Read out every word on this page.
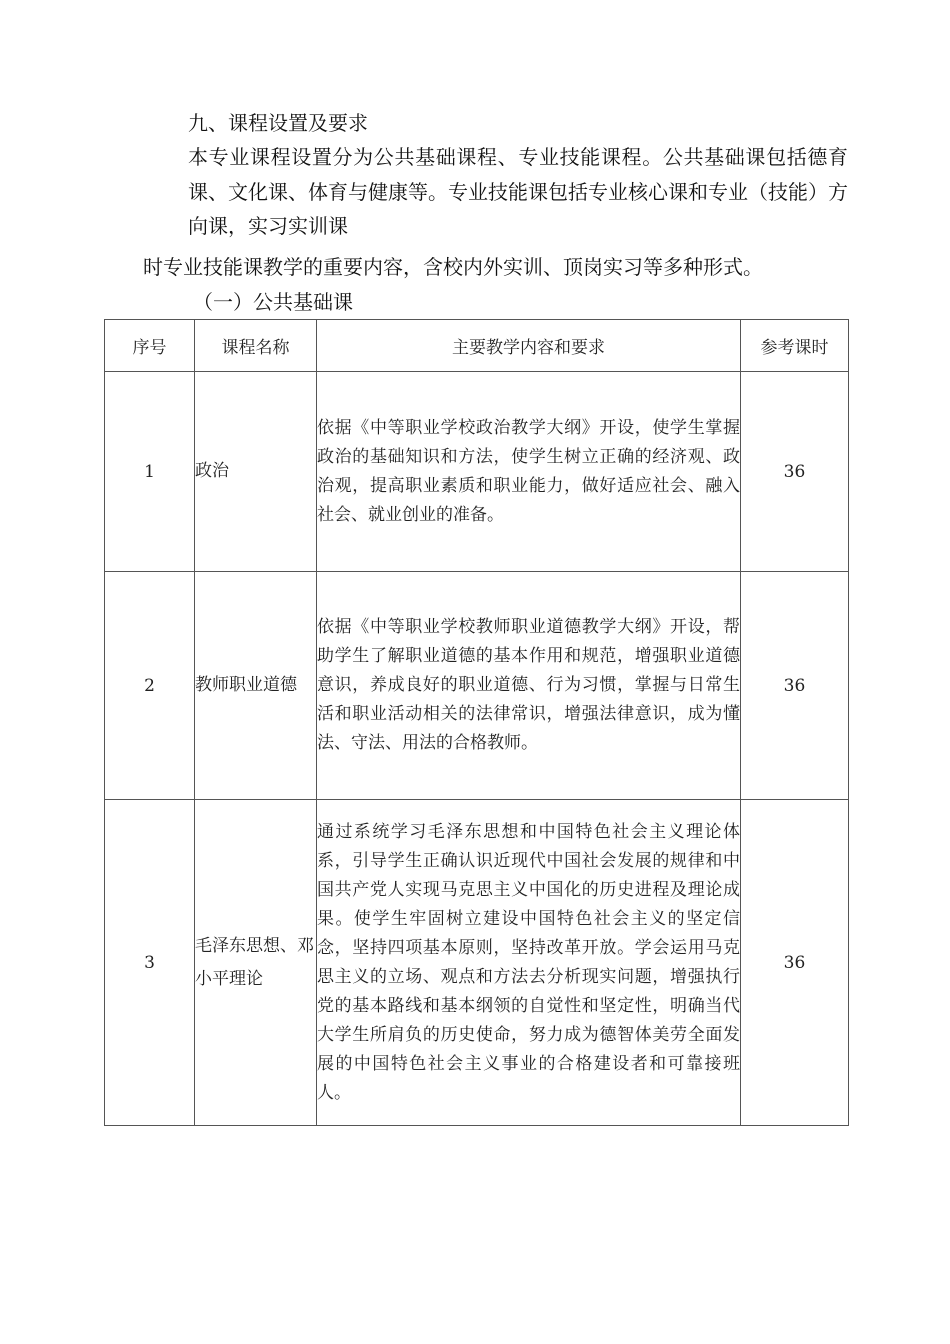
九、课程设置及要求

本专业课程设置分为公共基础课程、专业技能课程。公共基础课包括德育课、文化课、体育与健康等。专业技能课包括专业核心课和专业（技能）方向课，实习实训课

时专业技能课教学的重要内容，含校内外实训、顶岗实习等多种形式。
（一）公共基础课
序号	课程名称	主要教学内容和要求	参考课时
1	政治	依据《中等职业学校政治教学大纲》开设，使学生掌握政治的基础知识和方法，使学生树立正确的经济观、政治观，提高职业素质和职业能力，做好适应社会、融入社会、就业创业的准备。	36
2	教师职业道德	依据《中等职业学校教师职业道德教学大纲》开设，帮助学生了解职业道德的基本作用和规范，增强职业道德意识，养成良好的职业道德、行为习惯，掌握与日常生活和职业活动相关的法律常识，增强法律意识，成为懂法、守法、用法的合格教师。	36
3	毛泽东思想、邓小平理论	通过系统学习毛泽东思想和中国特色社会主义理论体系，引导学生正确认识近现代中国社会发展的规律和中国共产党人实现马克思主义中国化的历史进程及理论成果。使学生牢固树立建设中国特色社会主义的坚定信念，坚持四项基本原则，坚持改革开放。学会运用马克思主义的立场、观点和方法去分析现实问题，增强执行党的基本路线和基本纲领的自觉性和坚定性，明确当代大学生所肩负的历史使命，努力成为德智体美劳全面发展的中国特色社会主义事业的合格建设者和可靠接班人。	36
